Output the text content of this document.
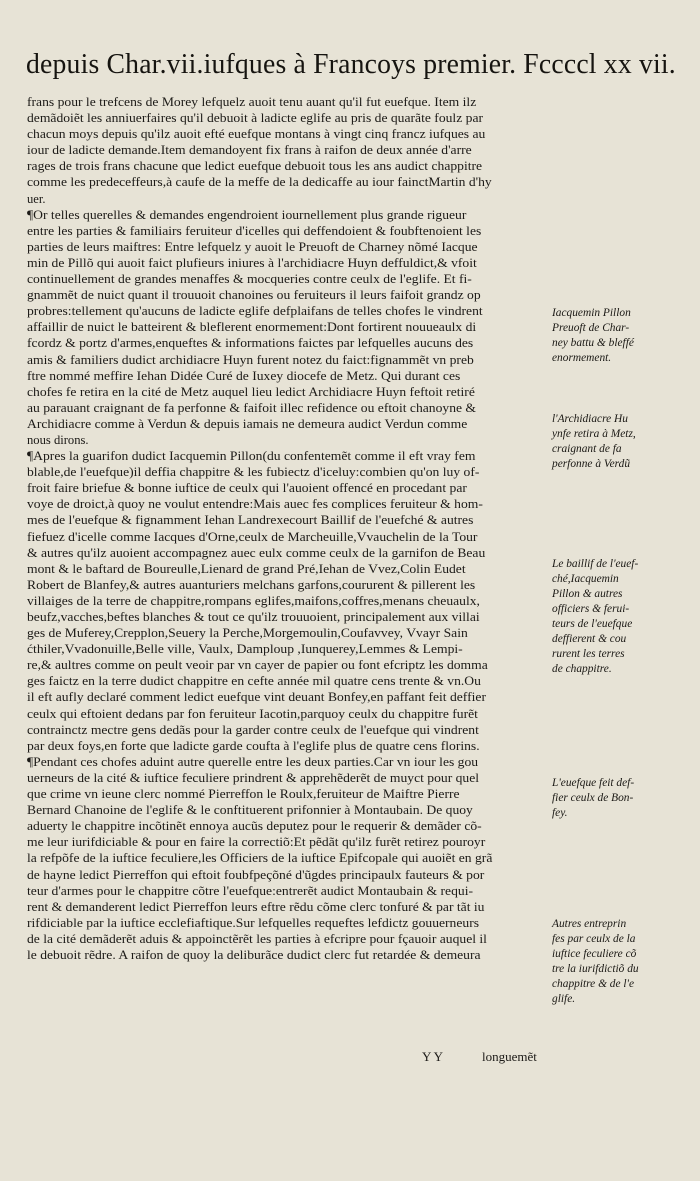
depuis Char.vii.iufques à Francoys premier. Fccccl xx vii.
frans pour le trefcens de Morey lefquelz auoit tenu auant qu'il fut euefque. Item ilz
demãdoiẽt les anniuerfaires qu'il debuoit à ladicte eglife au pris de quarãte foulz par
chacun moys depuis qu'ilz auoit efté euefque montans à vingt cinq francz iufques au
iour de ladicte demande.Item demandoyent fix frans à raifon de deux année d'arre
rages de trois frans chacune que ledict euefque debuoit tous les ans audict chappitre
comme les predeceffeurs,à caufe de la meffe de la dedicaffe au iour fainctMartin d'hy
uer.
¶Or telles querelles & demandes engendroient iournellement plus grande rigueur
entre les parties & familiairs feruiteur d'icelles qui deffendoient & foubftenoient les
parties de leurs maiftres: Entre lefquelz y auoit le Preuoft de Charney nõmé Iacque
min de Pillõ qui auoit faict plufieurs iniures à l'archidiacre Huyn deffuldict,& vfoit
continuellement de grandes menaffes & mocqueries contre ceulx de l'eglife. Et fi-
gnammẽt de nuict quant il trouuoit chanoines ou feruiteurs il leurs faifoit grandz op
probres:tellement qu'aucuns de ladicte eglife defplaifans de telles chofes le vindrent
affaillir de nuict le batteirent & bleflerent enormement:Dont fortirent nouueaulx di
fcordz & portz d'armes,enqueftes & informations faictes par lefquelles aucuns des
amis & familiers dudict archidiacre Huyn furent notez du faict:fignammẽt vn preb
ftre nommé meffire Iehan Didée Curé de Iuxey diocefe de Metz. Qui durant ces
chofes fe retira en la cité de Metz auquel lieu ledict Archidiacre Huyn feftoit retiré
au parauant craignant de fa perfonne & faifoit illec refidence ou eftoit chanoyne &
Archidiacre comme à Verdun & depuis iamais ne demeura audict Verdun comme
nous dirons.
¶Apres la guarifon dudict Iacquemin Pillon(du confentemẽt comme il eft vray fem
blable,de l'euefque)il deffia chappitre & les fubiectz d'iceluy:combien qu'on luy of-
froit faire briefue & bonne iuftice de ceulx qui l'auoient offencé en procedant par
voye de droict,à quoy ne voulut entendre:Mais auec fes complices feruiteur & hom-
mes de l'euefque & fignamment Iehan Landrexecourt Baillif de l'euefché & autres
fiefuez d'icelle comme Iacques d'Orne,ceulx de Marcheuille,Vvauchelin de la Tour
& autres qu'ilz auoient accompagnez auec eulx comme ceulx de la garnifon de Beau
mont & le baftard de Boureulle,Lienard de grand Pré,Iehan de Vvez,Colin Eudet
Robert de Blanfey,& autres auanturiers melchans garfons,coururent & pillerent les
villaiges de la terre de chappitre,rompans eglifes,maifons,coffres,menans cheuaulx,
beufz,vacches,beftes blanches & tout ce qu'ilz trouuoient, principalement aux villai
ges de Muferey,Crepplon,Seuery la Perche,Morgemoulin,Coufavvey, Vvayr Sain
ćthiler,Vvadonuille,Belle ville, Vaulx, Damploup ,Iunquerey,Lemmes & Lempi-
re,& aultres comme on peult veoir par vn cayer de papier ou font efcriptz les domma
ges faictz en la terre dudict chappitre en cefte année mil quatre cens trente & vn.Ou
il eft aufly declaré comment ledict euefque vint deuant Bonfey,en paffant feit deffier
ceulx qui eftoient dedans par fon feruiteur Iacotin,parquoy ceulx du chappitre furẽt
contrainctz mectre gens dedãs pour la garder contre ceulx de l'euefque qui vindrent
par deux foys,en forte que ladicte garde coufta à l'eglife plus de quatre cens florins.
¶Pendant ces chofes aduint autre querelle entre les deux parties.Car vn iour les gou
uerneurs de la cité & iuftice feculiere prindrent & apprehẽderẽt de muyct pour quel
que crime vn ieune clerc nommé Pierreffon le Roulx,feruiteur de Maiftre Pierre
Bernard Chanoine de l'eglife & le conftituerent prifonnier à Montaubain. De quoy
aduerty le chappitre incõtinẽt ennoya aucũs deputez pour le requerir & demãder cõ-
me leur iurifdiciable & pour en faire la correctiõ:Et pẽdãt qu'ilz furẽt retirez pouroyr
la refpõfe de la iuftice feculiere,les Officiers de la iuftice Epifcopale qui auoiẽt en grã
de hayne ledict Pierreffon qui eftoit foubfpeçõné d'ũgdes principaulx fauteurs & por
teur d'armes pour le chappitre cõtre l'euefque:entrerẽt audict Montaubain & requi-
rent & demanderent ledict Pierreffon leurs eftre rẽdu cõme clerc tonfuré & par tãt iu
rifdiciable par la iuftice ecclefiaftique.Sur lefquelles requeftes lefdictz gouuerneurs
de la cité demãderẽt aduis & appoinctẽrẽt les parties à efcripre pour fçauoir auquel il
le debuoit rẽdre. A raifon de quoy la deliburãce dudict clerc fut retardée & demeura
Iacquemin Pillon
Preuoft de Char-
ney battu & bleffé
enormement.
l'Archidiacre Hu
ynfe retira à Metz,
craignant de fa
perfonne à Verdũ
Le baillif de l'euef-
ché,Iacquemin
Pillon & autres
officiers & ferui-
teurs de l'euefque
deffierent & cou
rurent les terres
de chappitre.
L'euefque feit def-
fier ceulx de Bon-
fey.
Autres entreprin
fes par ceulx de la
iuftice feculiere cõ
tre la iurifdictiõ du
chappitre & de l'e
glife.
Y Y	longuemẽt
